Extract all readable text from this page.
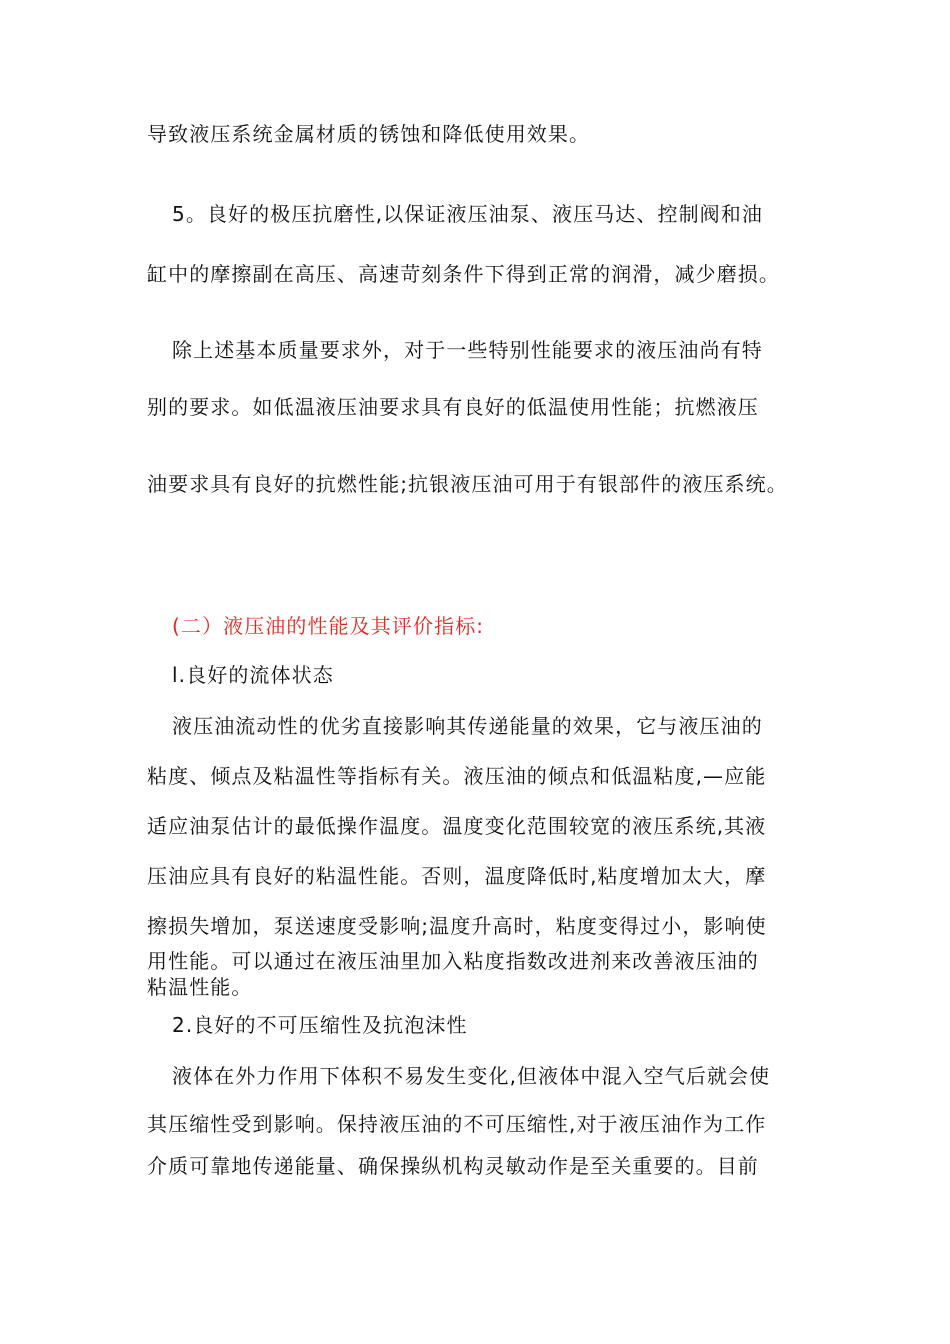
导致液压系统金属材质的锈蚀和降低使用效果。
5。良好的极压抗磨性,以保证液压油泵、液压马达、控制阀和油
缸中的摩擦副在高压、高速苛刻条件下得到正常的润滑，减少磨损。
除上述基本质量要求外，对于一些特别性能要求的液压油尚有特
别的要求。如低温液压油要求具有良好的低温使用性能；抗燃液压
油要求具有良好的抗燃性能;抗银液压油可用于有银部件的液压系统。
(二）液压油的性能及其评价指标:
l.良好的流体状态
液压油流动性的优劣直接影响其传递能量的效果，它与液压油的
粘度、倾点及粘温性等指标有关。液压油的倾点和低温粘度,—应能
适应油泵估计的最低操作温度。温度变化范围较宽的液压系统,其液
压油应具有良好的粘温性能。否则，温度降低时,粘度增加太大，摩
擦损失增加，泵送速度受影响;温度升高时，粘度变得过小，影响使
用性能。可以通过在液压油里加入粘度指数改进剂来改善液压油的
粘温性能。
2.良好的不可压缩性及抗泡沫性
液体在外力作用下体积不易发生变化,但液体中混入空气后就会使
其压缩性受到影响。保持液压油的不可压缩性,对于液压油作为工作
介质可靠地传递能量、确保操纵机构灵敏动作是至关重要的。目前
